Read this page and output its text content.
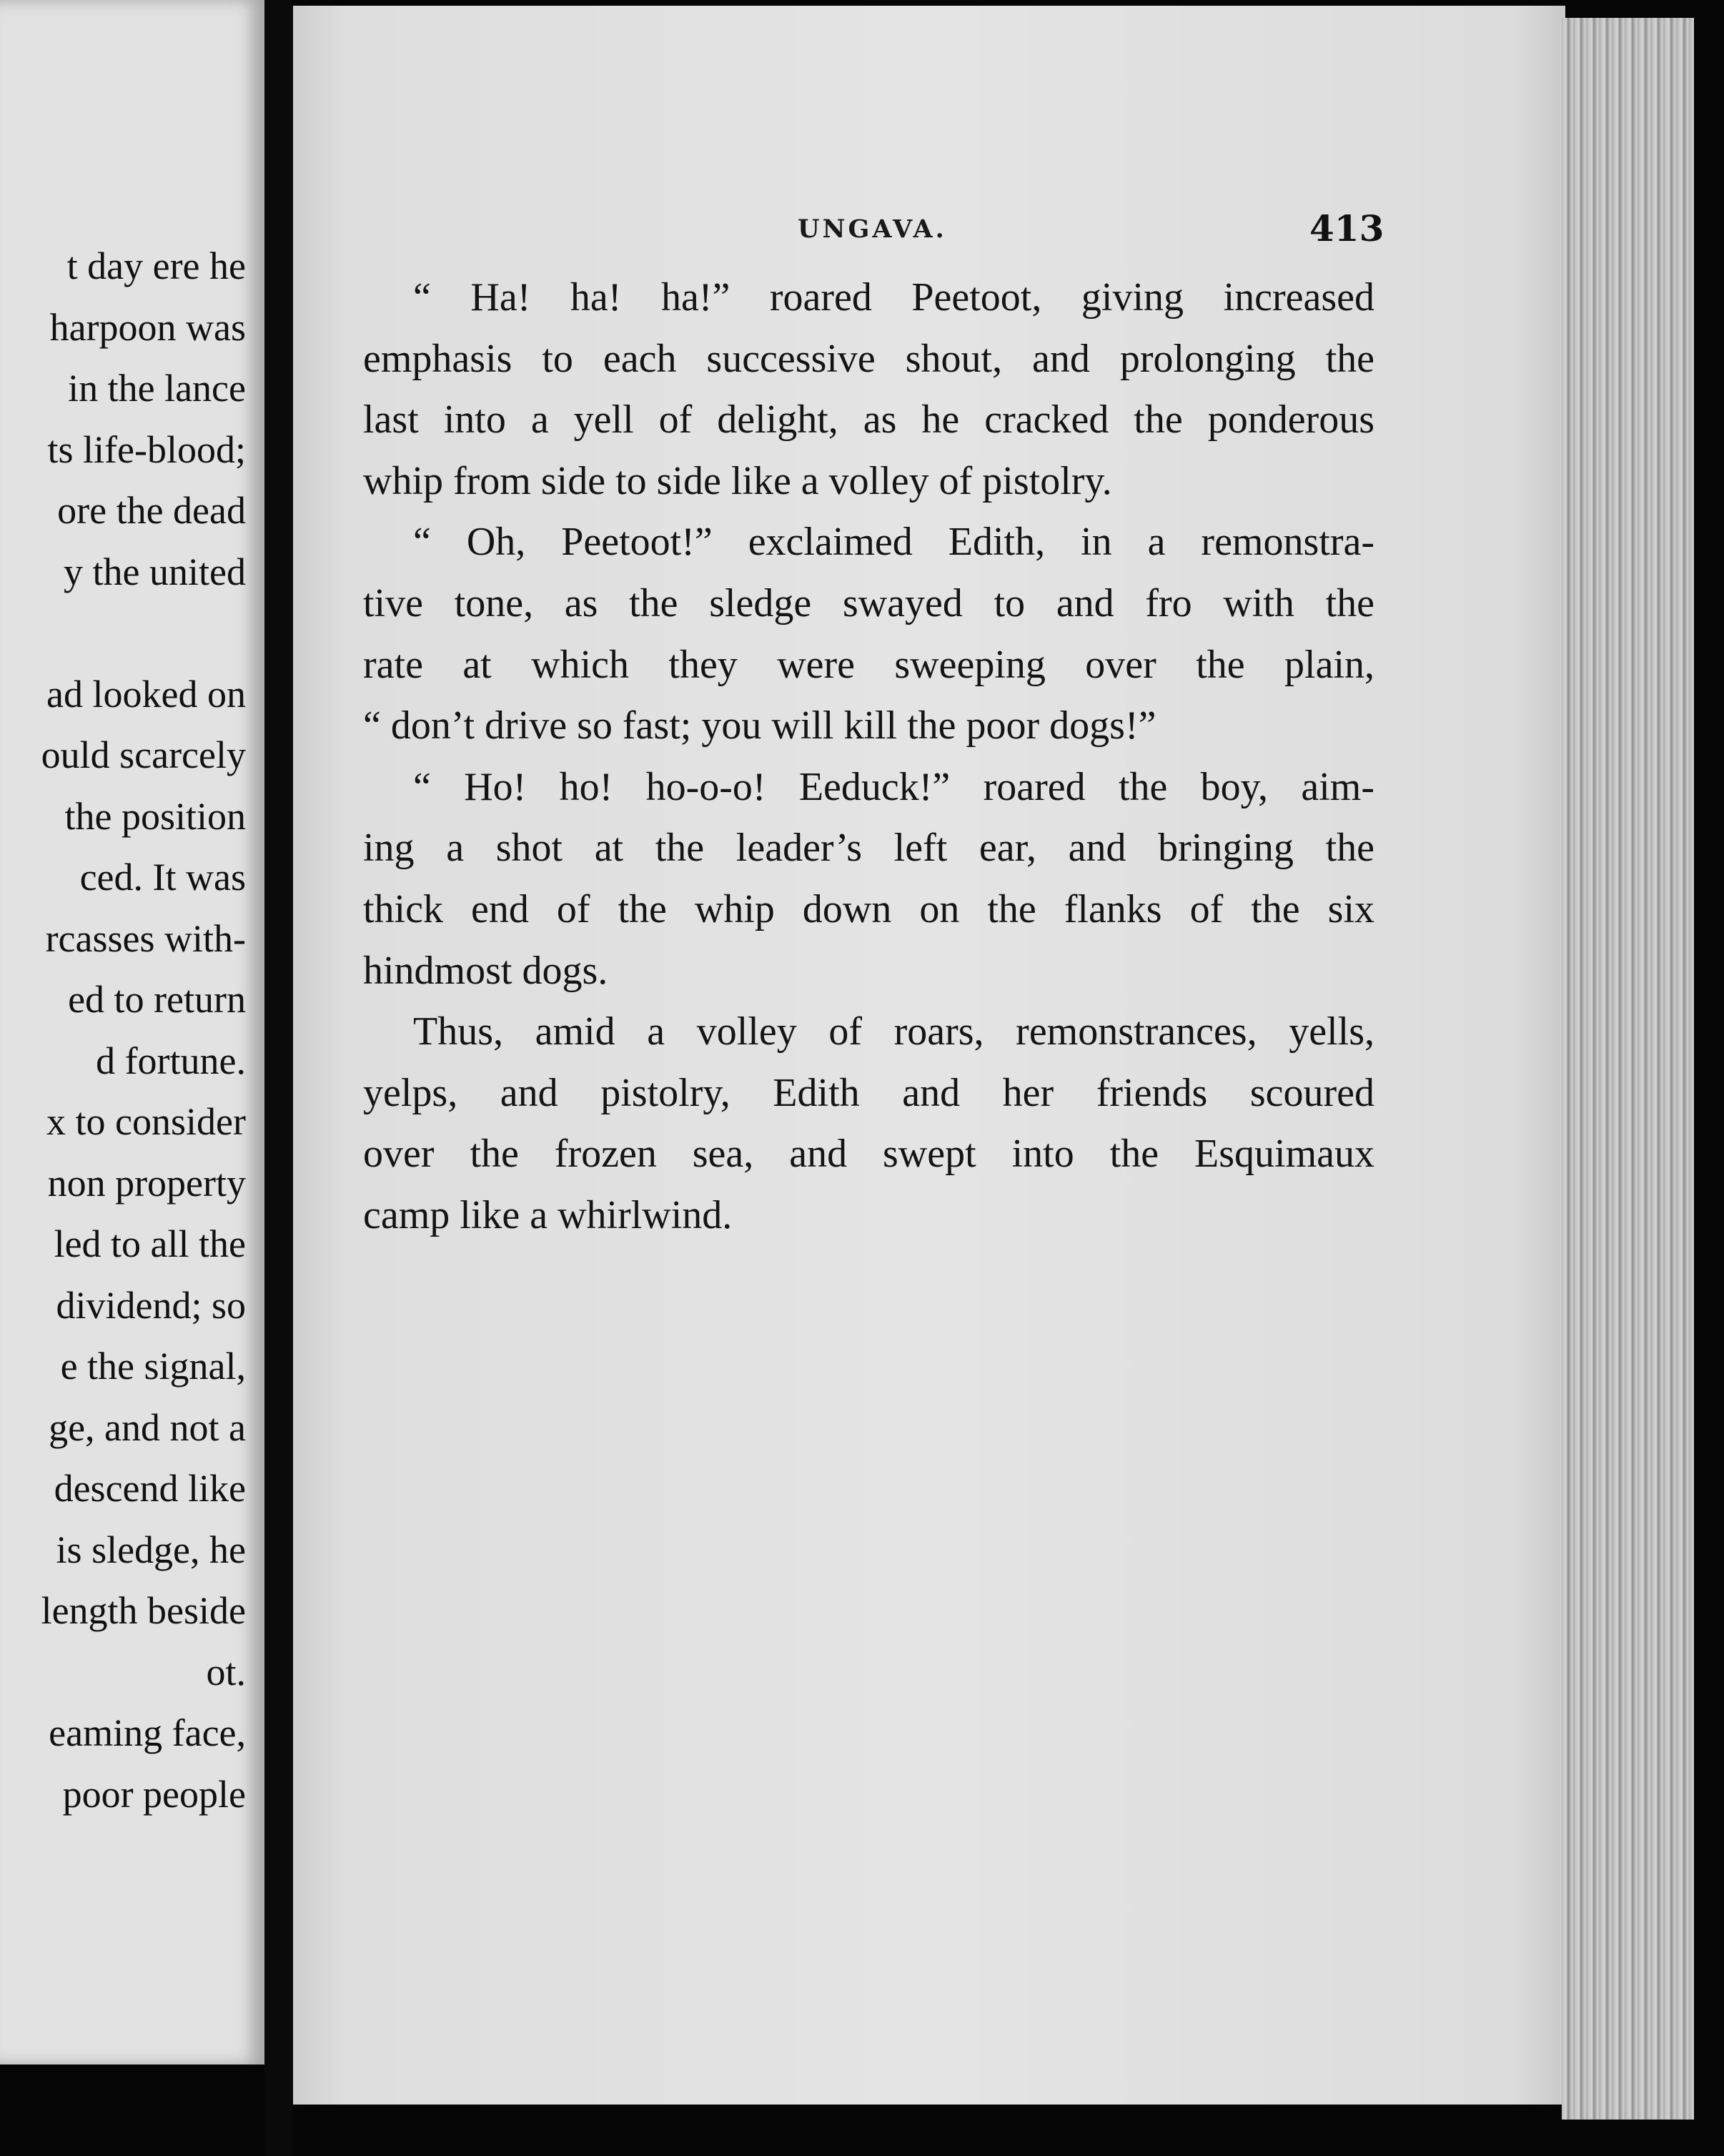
t day ere he
harpoon was
in the lance
ts life-blood;
ore the dead
y the united
ad looked on
ould scarcely
the position
ced. It was
rcasses with-
ed to return
d fortune.
x to consider
non property
led to all the
dividend; so
e the signal,
ge, and not a
descend like
is sledge, he
length beside
ot.
eaming face,
poor people
UNGAVA.	413

“ Ha! ha! ha!” roared Peetoot, giving increased
emphasis to each successive shout, and prolonging the
last into a yell of delight, as he cracked the ponderous
whip from side to side like a volley of pistolry.

“ Oh, Peetoot!” exclaimed Edith, in a remonstra-
tive tone, as the sledge swayed to and fro with the
rate at which they were sweeping over the plain,
“ don’t drive so fast; you will kill the poor dogs!”

“ Ho! ho! ho-o-o! Eeduck!” roared the boy, aim-
ing a shot at the leader’s left ear, and bringing the
thick end of the whip down on the flanks of the six
hindmost dogs.

Thus, amid a volley of roars, remonstrances, yells,
yelps, and pistolry, Edith and her friends scoured
over the frozen sea, and swept into the Esquimaux
camp like a whirlwind.
